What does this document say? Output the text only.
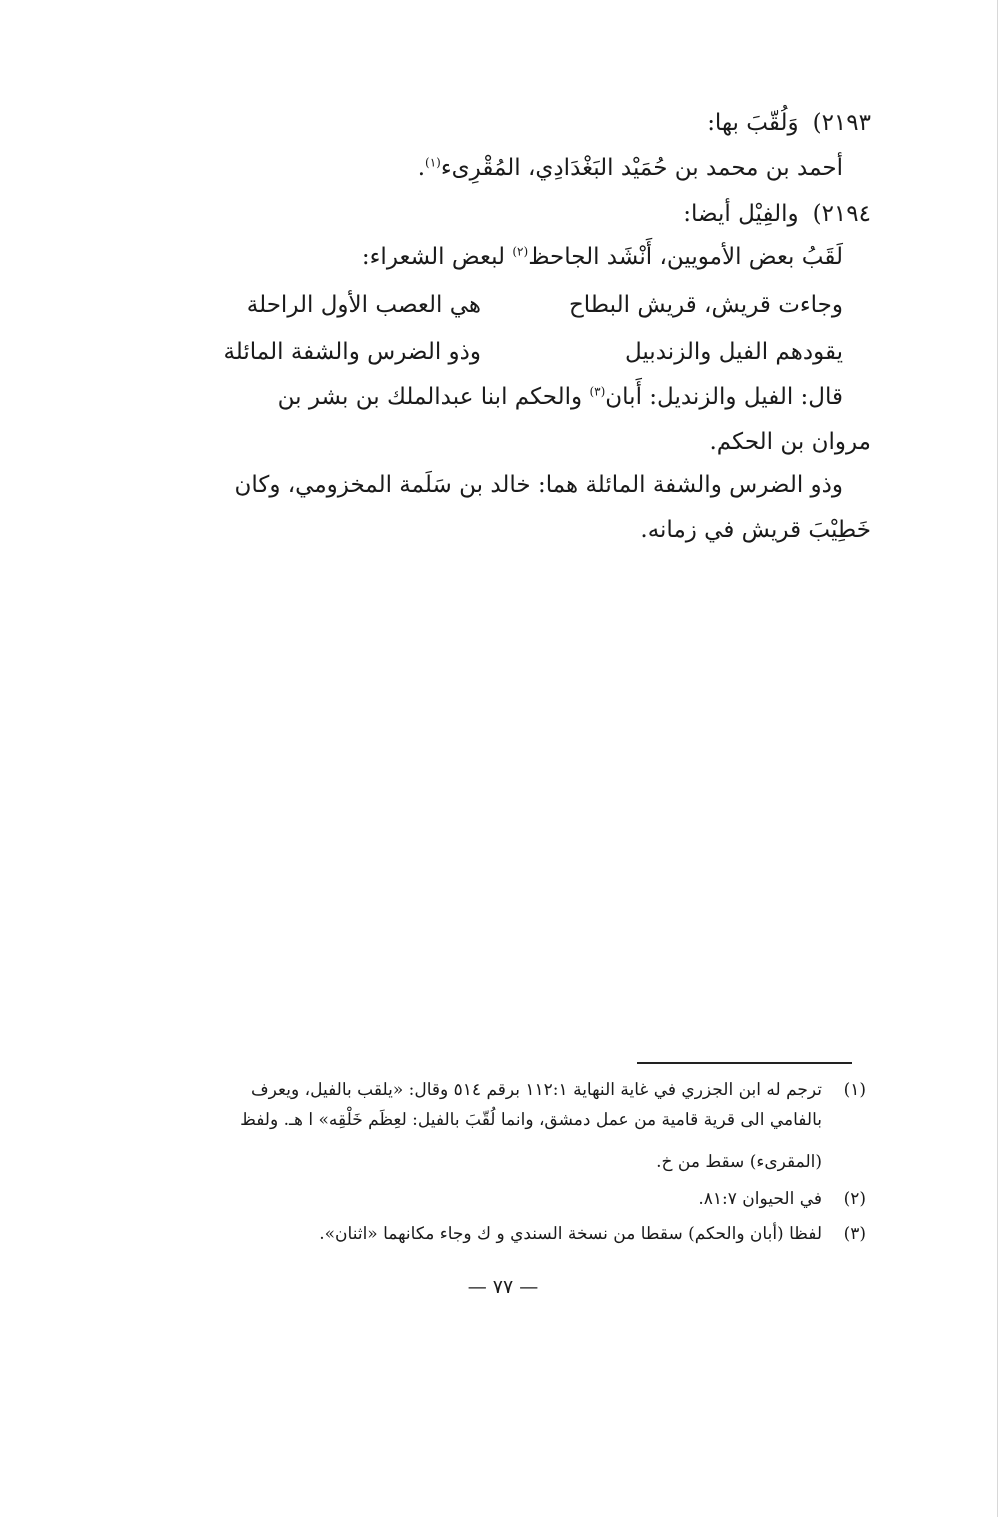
٢١٩٣)وَلُقّبَ بها:
أحمد بن محمد بن حُمَيْد البَغْدَادِي، المُقْرِىء$^{(١)}$.
٢١٩٤)والفِيْل أيضا:
لَقَبُ بعض الأمويين، أَنْشَد الجاحظ$^{(٢)}$ لبعض الشعراء:
وجاءت قريش، قريش البطاح
هي العصب الأول الراحلة
يقودهم الفيل والزندبيل
وذو الضرس والشفة المائلة
قال: الفيل والزنديل: أَبان$^{(٣)}$ والحكم ابنا عبدالملك بن بشر بن
مروان بن الحكم.
وذو الضرس والشفة المائلة هما: خالد بن سَلَمة المخزومي، وكان
خَطِيْبَ قريش في زمانه.
(١)ترجم له ابن الجزري في غاية النهاية ١١٢:١ برقم ٥١٤ وقال: «يلقب بالفيل، ويعرف
بالفامي الى قرية قامية من عمل دمشق، وانما لُقّبَ بالفيل: لعِظَم خَلْقِه» ا هـ. ولفظ
(المقرىء) سقط من خ.
(٢)في الحيوان ٨١:٧.
(٣)لفظا (أبان والحكم) سقطا من نسخة السندي و ك وجاء مكانهما «اثنان».
— ٧٧ —
